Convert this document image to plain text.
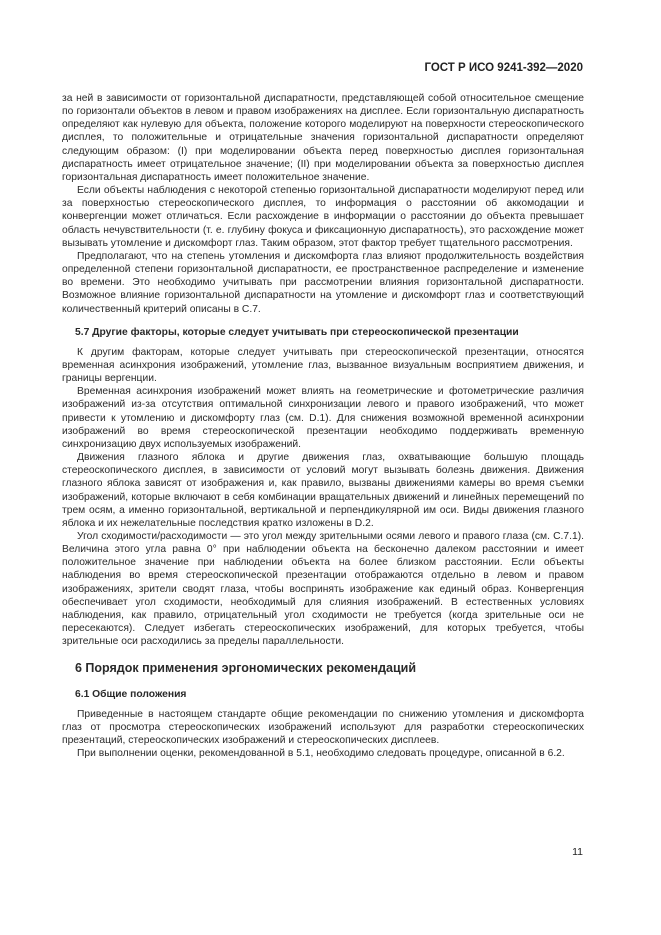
ГОСТ Р ИСО 9241-392—2020

за ней в зависимости от горизонтальной диспаратности, представляющей собой относительное смещение по горизонтали объектов в левом и правом изображениях на дисплее. Если горизонтальную диспаратность определяют как нулевую для объекта, положение которого моделируют на поверхности стереоскопического дисплея, то положительные и отрицательные значения горизонтальной диспаратности определяют следующим образом: (I) при моделировании объекта перед поверхностью дисплея горизонтальная диспаратность имеет отрицательное значение; (II) при моделировании объекта за поверхностью дисплея горизонтальная диспаратность имеет положительное значение.

Если объекты наблюдения с некоторой степенью горизонтальной диспаратности моделируют перед или за поверхностью стереоскопического дисплея, то информация о расстоянии об аккомодации и конвергенции может отличаться. Если расхождение в информации о расстоянии до объекта превышает область нечувствительности (т. е. глубину фокуса и фиксационную диспаратность), это расхождение может вызывать утомление и дискомфорт глаз. Таким образом, этот фактор требует тщательного рассмотрения.

Предполагают, что на степень утомления и дискомфорта глаз влияют продолжительность воздействия определенной степени горизонтальной диспаратности, ее пространственное распределение и изменение во времени. Это необходимо учитывать при рассмотрении влияния горизонтальной диспаратности. Возможное влияние горизонтальной диспаратности на утомление и дискомфорт глаз и соответствующий количественный критерий описаны в С.7.

5.7 Другие факторы, которые следует учитывать при стереоскопической презентации

К другим факторам, которые следует учитывать при стереоскопической презентации, относятся временная асинхрония изображений, утомление глаз, вызванное визуальным восприятием движения, и границы вергенции.

Временная асинхрония изображений может влиять на геометрические и фотометрические различия изображений из-за отсутствия оптимальной синхронизации левого и правого изображений, что может привести к утомлению и дискомфорту глаз (см. D.1). Для снижения возможной временной асинхронии изображений во время стереоскопической презентации необходимо поддерживать временную синхронизацию двух используемых изображений.

Движения глазного яблока и другие движения глаз, охватывающие большую площадь стереоскопического дисплея, в зависимости от условий могут вызывать болезнь движения. Движения глазного яблока зависят от изображения и, как правило, вызваны движениями камеры во время съемки изображений, которые включают в себя комбинации вращательных движений и линейных перемещений по трем осям, а именно горизонтальной, вертикальной и перпендикулярной им оси. Виды движения глазного яблока и их нежелательные последствия кратко изложены в D.2.

Угол сходимости/расходимости — это угол между зрительными осями левого и правого глаза (см. С.7.1). Величина этого угла равна 0° при наблюдении объекта на бесконечно далеком расстоянии и имеет положительное значение при наблюдении объекта на более близком расстоянии. Если объекты наблюдения во время стереоскопической презентации отображаются отдельно в левом и правом изображениях, зрители сводят глаза, чтобы воспринять изображение как единый образ. Конвергенция обеспечивает угол сходимости, необходимый для слияния изображений. В естественных условиях наблюдения, как правило, отрицательный угол сходимости не требуется (когда зрительные оси не пересекаются). Следует избегать стереоскопических изображений, для которых требуется, чтобы зрительные оси расходились за пределы параллельности.

6 Порядок применения эргономических рекомендаций
6.1 Общие положения

Приведенные в настоящем стандарте общие рекомендации по снижению утомления и дискомфорта глаз от просмотра стереоскопических изображений используют для разработки стереоскопических презентаций, стереоскопических изображений и стереоскопических дисплеев.

При выполнении оценки, рекомендованной в 5.1, необходимо следовать процедуре, описанной в 6.2.

11
